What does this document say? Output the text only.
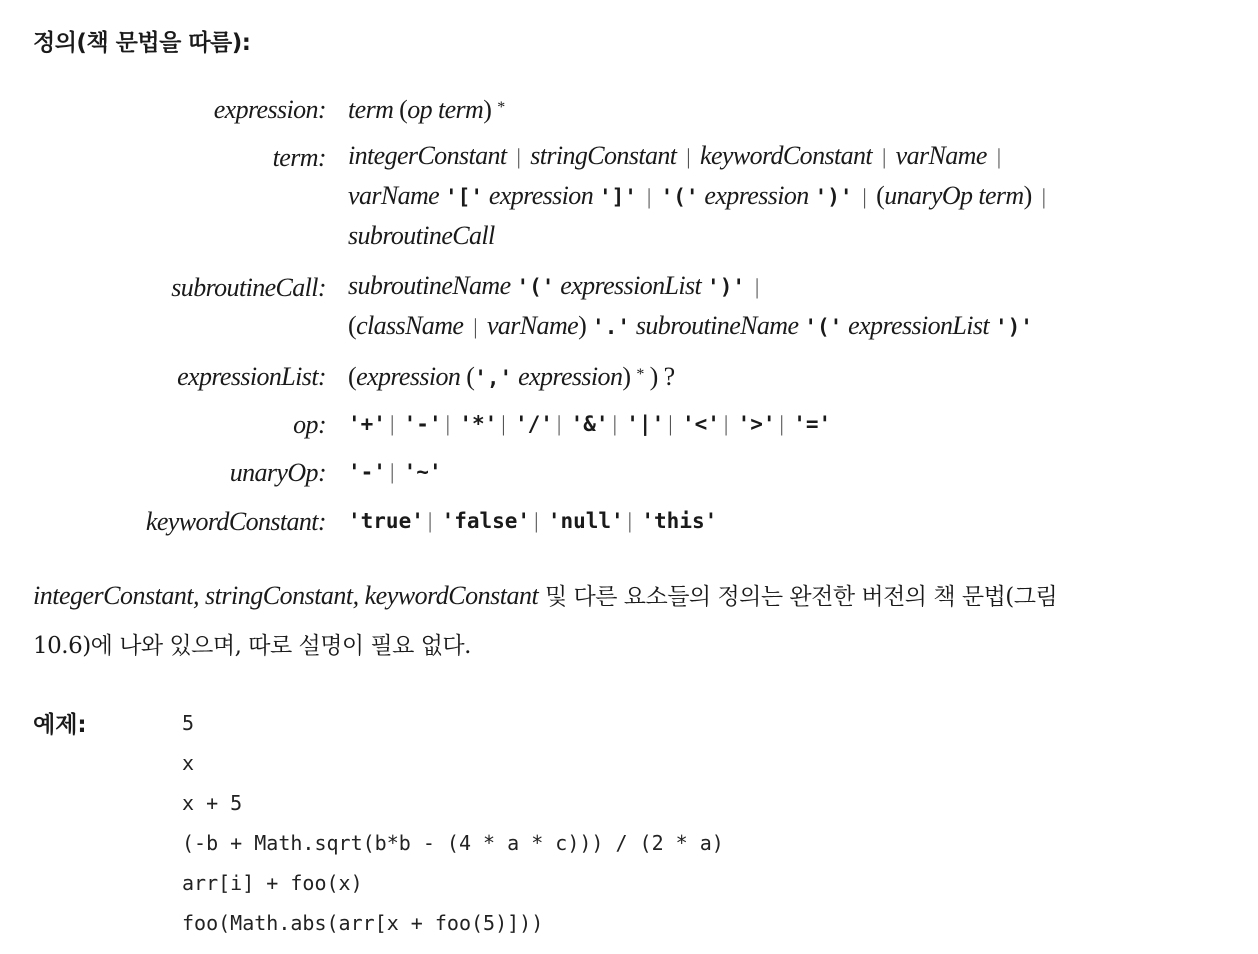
정의(책 문법을 따름):
expression: term (op term) *
term: integerConstant | stringConstant | keywordConstant | varName |
varName '[' expression ']' | '(' expression ')' | (unaryOp term) |
subroutineCall
subroutineCall: subroutineName '(' expressionList ')' |
(className | varName) '.' subroutineName '(' expressionList ')'
expressionList: (expression (',' expression) * ) ?
op: '+' | '-' | '*' | '/' | '&' | '|' | '<' | '>' | '='
unaryOp: '-' | '~'
keywordConstant: 'true' | 'false' | 'null' | 'this'
integerConstant, stringConstant, keywordConstant 및 다른 요소들의 정의는 완전한 버전의 책 문법(그림
10.6)에 나와 있으며, 따로 설명이 필요 없다.
예제:	5
x
x + 5
(-b + Math.sqrt(b*b - (4 * a * c))) / (2 * a)
arr[i] + foo(x)
foo(Math.abs(arr[x + foo(5)]))
